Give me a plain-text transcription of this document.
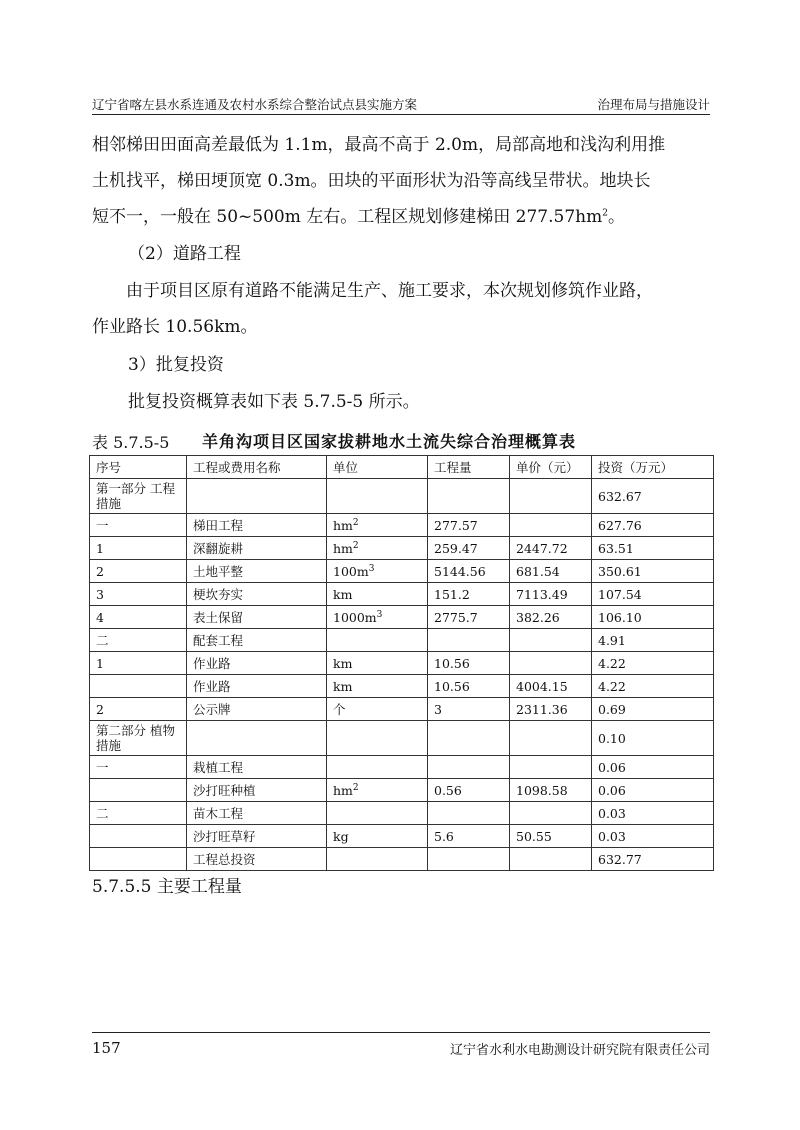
辽宁省喀左县水系连通及农村水系综合整治试点县实施方案	治理布局与措施设计
相邻梯田田面高差最低为 1.1m，最高不高于 2.0m，局部高地和浅沟利用推
土机找平，梯田埂顶宽 0.3m。田块的平面形状为沿等高线呈带状。地块长
短不一，一般在 50~500m 左右。工程区规划修建梯田 $277.57hm^2$。
（2）道路工程
由于项目区原有道路不能满足生产、施工要求，本次规划修筑作业路，
作业路长 10.56km。
3）批复投资
批复投资概算表如下表 5.7.5-5 所示。
表 5.7.5-5 羊角沟项目区国家拔耕地水土流失综合治理概算表
序号	工程或费用名称	单位	工程量	单价（元）	投资（万元）
第一部分 工程措施					632.67
一	梯田工程	$hm^2$	277.57		627.76
1	深翻旋耕	$hm^2$	259.47	2447.72	63.51
2	土地平整	$100m^3$	5144.56	681.54	350.61
3	梗坎夯实	km	151.2	7113.49	107.54
4	表土保留	$1000m^3$	2775.7	382.26	106.10
二	配套工程				4.91
1	作业路	km	10.56		4.22
	作业路	km	10.56	4004.15	4.22
2	公示牌	个	3	2311.36	0.69
第二部分 植物措施					0.10
一	栽植工程				0.06
	沙打旺种植	$hm^2$	0.56	1098.58	0.06
二	苗木工程				0.03
	沙打旺草籽	kg	5.6	50.55	0.03
	工程总投资				632.77
5.7.5.5 主要工程量
157	辽宁省水利水电勘测设计研究院有限责任公司
